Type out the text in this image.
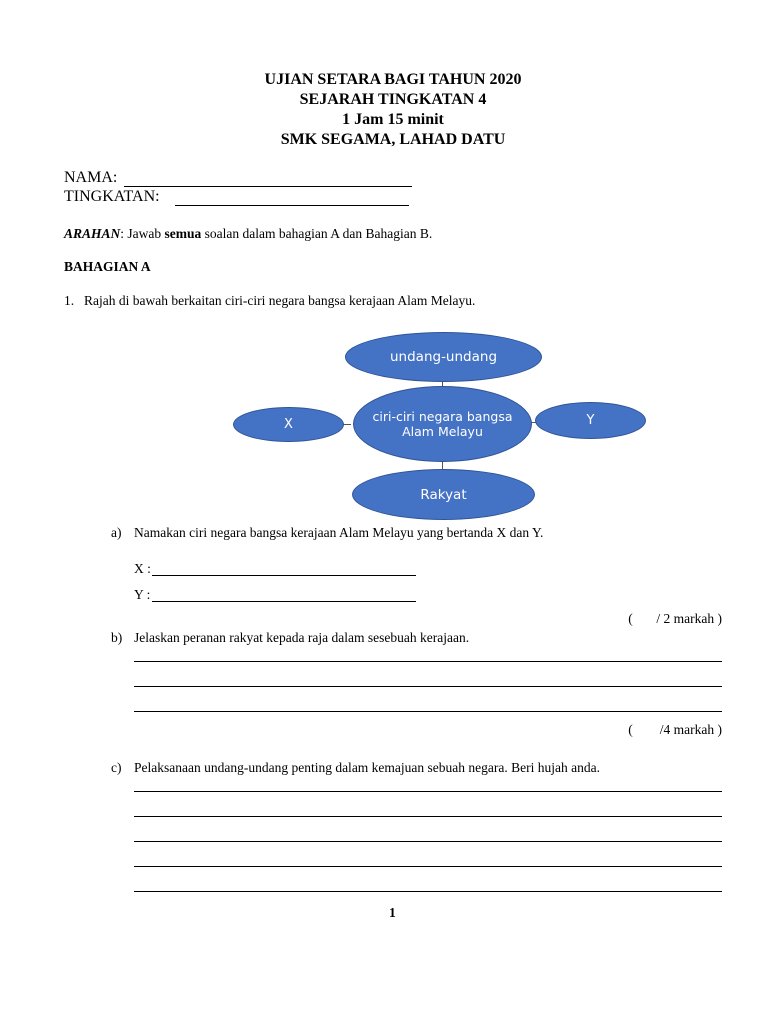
UJIAN SETARA BAGI TAHUN 2020
SEJARAH TINGKATAN 4
1 Jam 15 minit
SMK SEGAMA, LAHAD DATU
NAMA:
TINGKATAN:
ARAHAN: Jawab semua soalan dalam bahagian A dan Bahagian B.
BAHAGIAN A
1. Rajah di bawah berkaitan ciri-ciri negara bangsa kerajaan Alam Melayu.
undang-undang
ciri-ciri negara bangsa Alam Melayu
X	Y
Rakyat
a) Namakan ciri negara bangsa kerajaan Alam Melayu yang bertanda X dan Y.
X :
Y :
(       / 2 markah )
b) Jelaskan peranan rakyat kepada raja dalam sesebuah kerajaan.
(        /4 markah )
c) Pelaksanaan undang-undang penting dalam kemajuan sebuah negara. Beri hujah anda.
1
